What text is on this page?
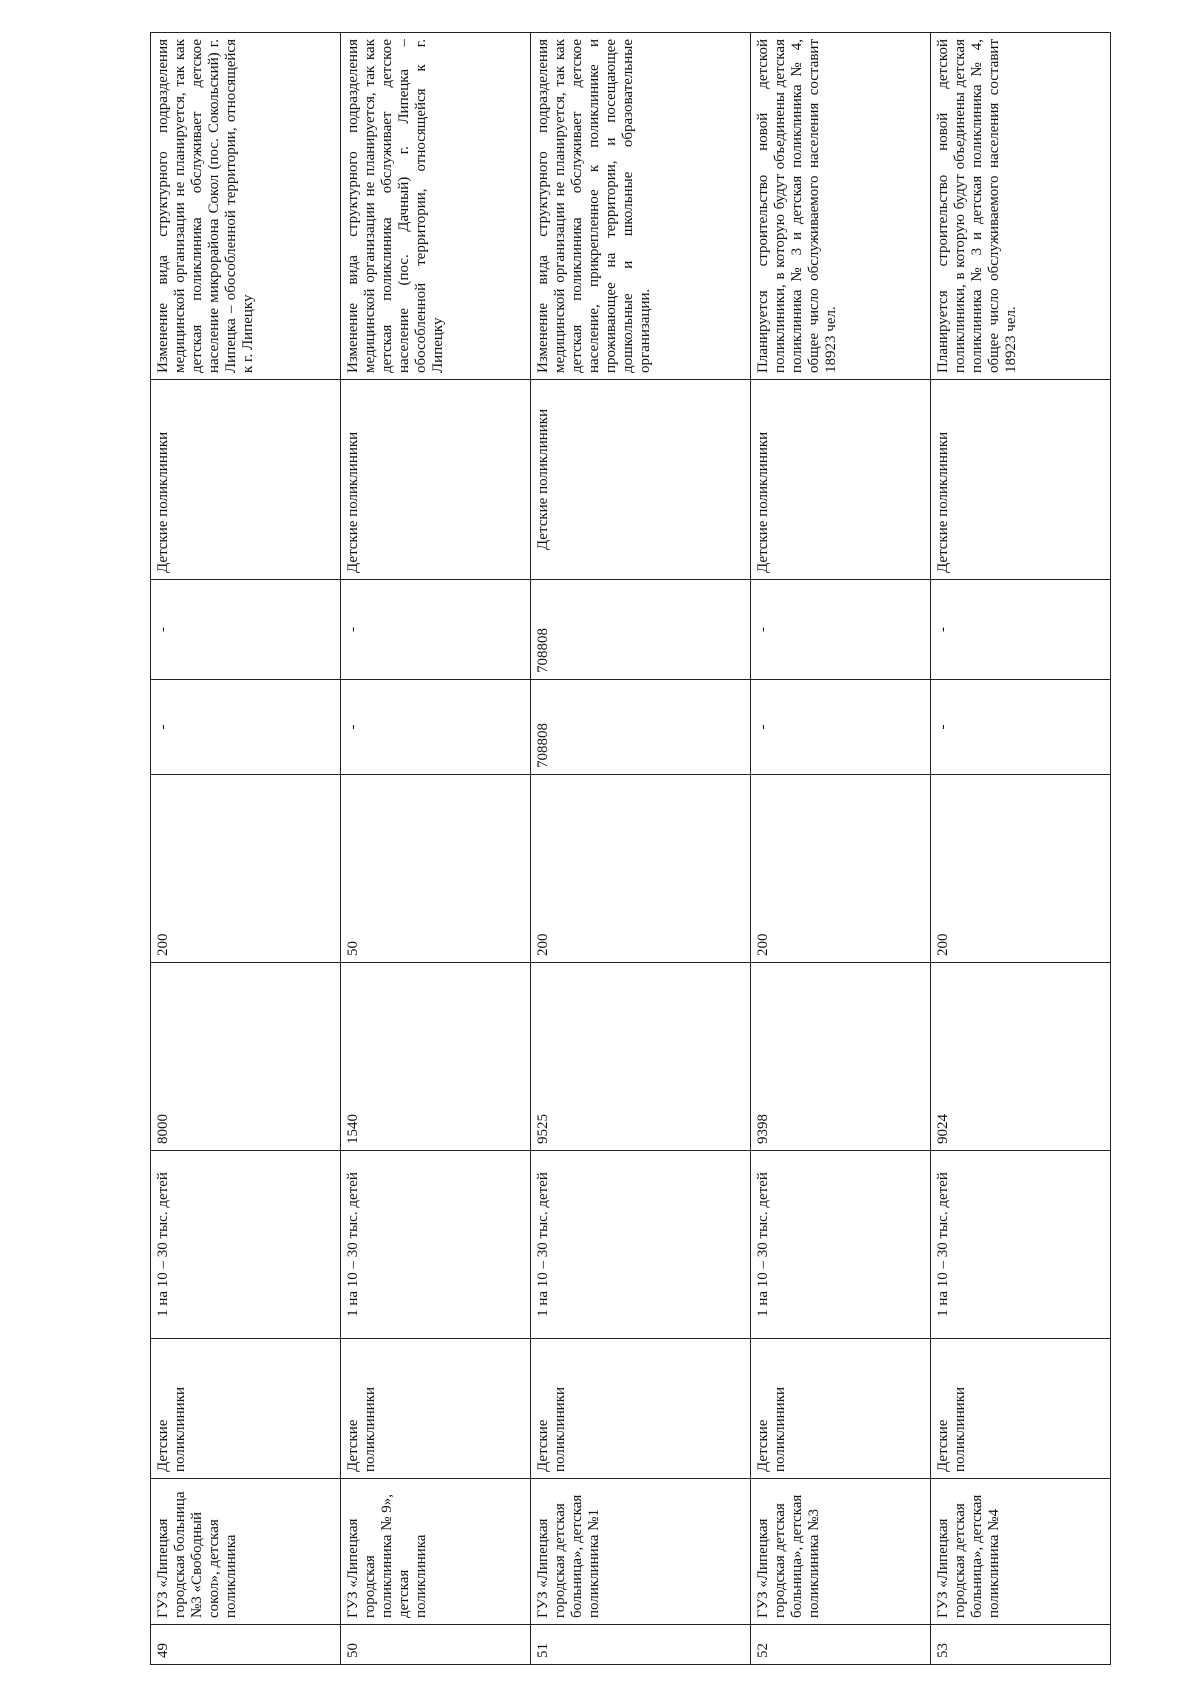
49	ГУЗ «Липецкая городская больница №3 «Свободный сокол», детская поликлиника	Детские поликлиники	1 на 10 – 30 тыс. детей	8000	200	-	-	Детские поликлиники	Изменение вида структурного подразделения медицинской организации не планируется, так как детская поликлиника обслуживает детское население микрорайона Сокол (пос. Сокольский) г. Липецка – обособленной территории, относящейся к г. Липецку
50	ГУЗ «Липецкая городская поликлиника № 9», детская поликлиника	Детские поликлиники	1 на 10 – 30 тыс. детей	1540	50	-	-	Детские поликлиники	Изменение вида структурного подразделения медицинской организации не планируется, так как детская поликлиника обслуживает детское население (пос. Дачный) г. Липецка – обособленной территории, относящейся к г. Липецку
51	ГУЗ «Липецкая городская детская больница», детская поликлиника №1	Детские поликлиники	1 на 10 – 30 тыс. детей	9525	200	708808	708808	Детские поликлиники	Изменение вида структурного подразделения медицинской организации не планируется, так как детская поликлиника обслуживает детское население, прикрепленное к поликлинике и проживающее на территории, и посещающее дошкольные и школьные образовательные организации.
52	ГУЗ «Липецкая городская детская больница», детская поликлиника №3	Детские поликлиники	1 на 10 – 30 тыс. детей	9398	200	-	-	Детские поликлиники	Планируется строительство новой детской поликлиники, в которую будут объединены детская поликлиника № 3 и детская поликлиника № 4, общее число обслуживаемого населения составит 18923 чел.
53	ГУЗ «Липецкая городская детская больница», детская поликлиника №4	Детские поликлиники	1 на 10 – 30 тыс. детей	9024	200	-	-	Детские поликлиники	Планируется строительство новой детской поликлиники, в которую будут объединены детская поликлиника № 3 и детская поликлиника № 4, общее число обслуживаемого населения составит 18923 чел.
